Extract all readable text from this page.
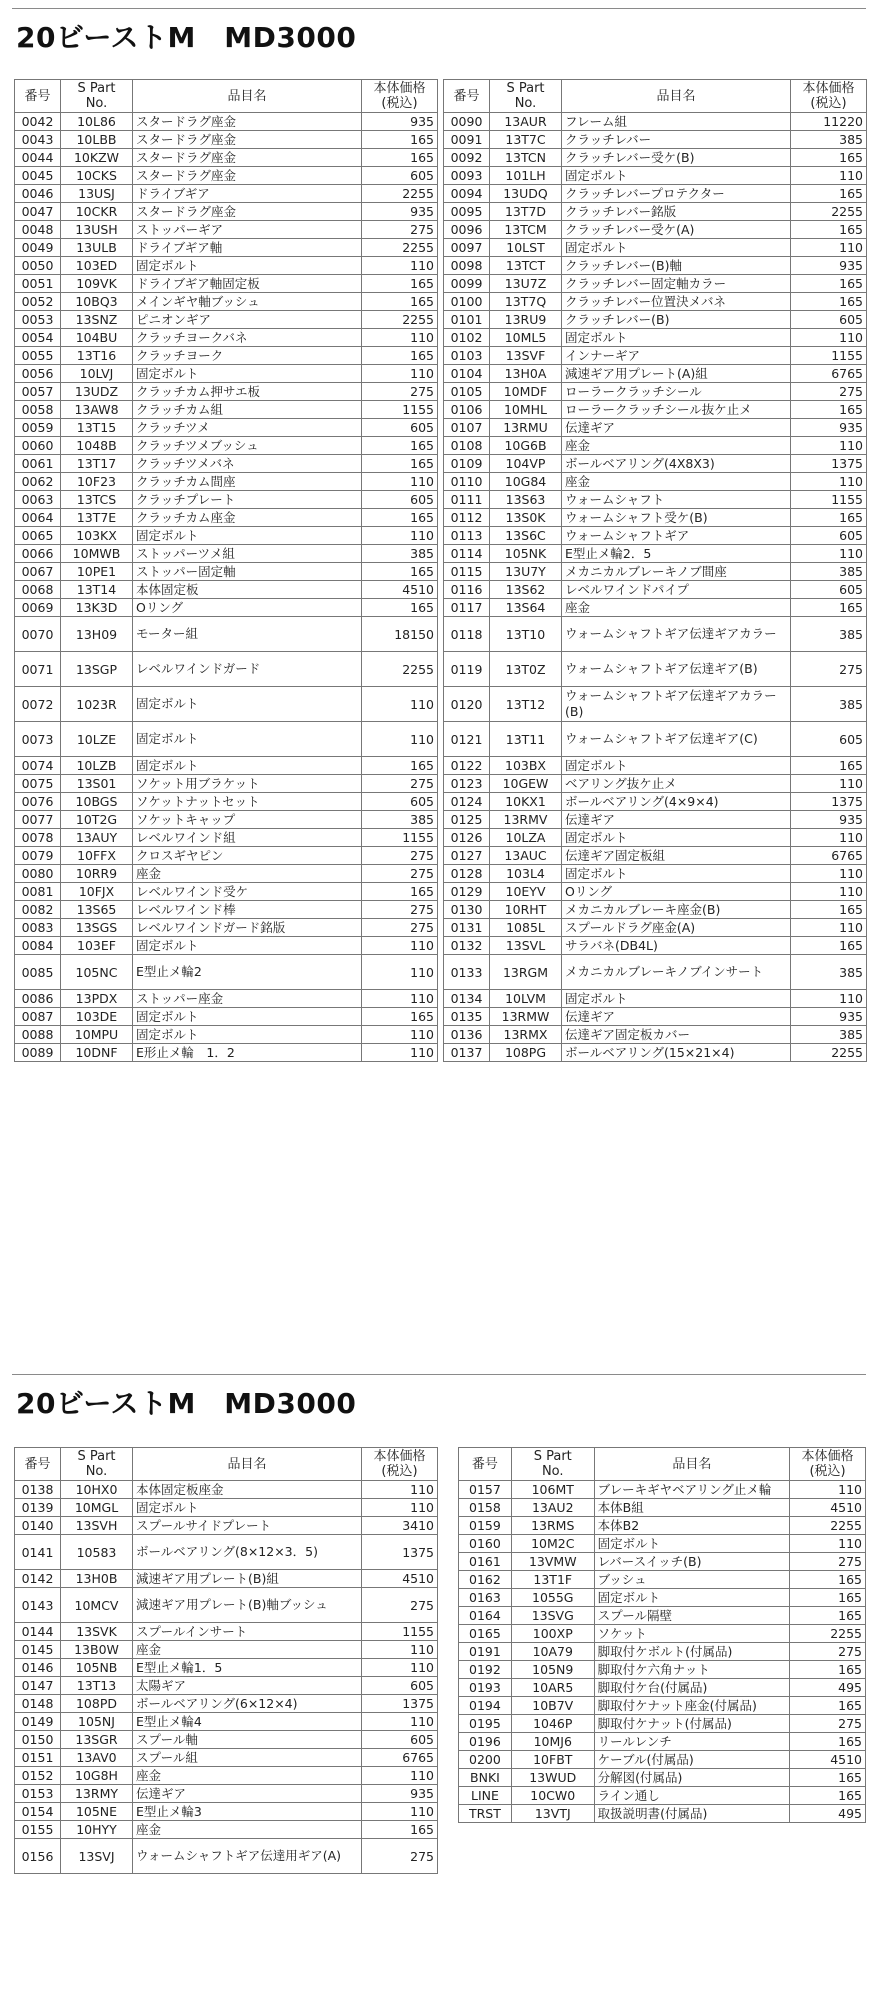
20ビーストM　MD3000
番号	S Part
No.	品目名	本体価格
(税込)

0042	10L86	スタードラグ座金	935
0043	10LBB	スタードラグ座金	165
0044	10KZW	スタードラグ座金	165
0045	10CKS	スタードラグ座金	605
0046	13USJ	ドライブギア	2255
0047	10CKR	スタードラグ座金	935
0048	13USH	ストッパーギア	275
0049	13ULB	ドライブギア軸	2255
0050	103ED	固定ボルト	110
0051	109VK	ドライブギア軸固定板	165
0052	10BQ3	メインギヤ軸ブッシュ	165
0053	13SNZ	ピニオンギア	2255
0054	104BU	クラッチヨークバネ	110
0055	13T16	クラッチヨーク	165
0056	10LVJ	固定ボルト	110
0057	13UDZ	クラッチカム押サエ板	275
0058	13AW8	クラッチカム組	1155
0059	13T15	クラッチツメ	605
0060	1048B	クラッチツメブッシュ	165
0061	13T17	クラッチツメバネ	165
0062	10F23	クラッチカム間座	110
0063	13TCS	クラッチプレート	605
0064	13T7E	クラッチカム座金	165
0065	103KX	固定ボルト	110
0066	10MWB	ストッパーツメ組	385
0067	10PE1	ストッパー固定軸	165
0068	13T14	本体固定板	4510
0069	13K3D	Oリング	165
0070	13H09	モーター組	18150
0071	13SGP	レベルワインドガード	2255
0072	1023R	固定ボルト	110
0073	10LZE	固定ボルト	110
0074	10LZB	固定ボルト	165
0075	13S01	ソケット用ブラケット	275
0076	10BGS	ソケットナットセット	605
0077	10T2G	ソケットキャップ	385
0078	13AUY	レベルワインド組	1155
0079	10FFX	クロスギヤピン	275
0080	10RR9	座金	275
0081	10FJX	レベルワインド受ケ	165
0082	13S65	レベルワインド棒	275
0083	13SGS	レベルワインドガード銘版	275
0084	103EF	固定ボルト	110
0085	105NC	E型止メ輪2	110
0086	13PDX	ストッパー座金	110
0087	103DE	固定ボルト	165
0088	10MPU	固定ボルト	110
0089	10DNF	E形止メ輪　1．2	110
番号	S Part
No.	品目名	本体価格
(税込)

0090	13AUR	フレーム組	11220
0091	13T7C	クラッチレバー	385
0092	13TCN	クラッチレバー受ケ(B)	165
0093	101LH	固定ボルト	110
0094	13UDQ	クラッチレバープロテクター	165
0095	13T7D	クラッチレバー銘版	2255
0096	13TCM	クラッチレバー受ケ(A)	165
0097	10LST	固定ボルト	110
0098	13TCT	クラッチレバー(B)軸	935
0099	13U7Z	クラッチレバー固定軸カラー	165
0100	13T7Q	クラッチレバー位置決メバネ	165
0101	13RU9	クラッチレバー(B)	605
0102	10ML5	固定ボルト	110
0103	13SVF	インナーギア	1155
0104	13H0A	減速ギア用プレート(A)組	6765
0105	10MDF	ローラークラッチシール	275
0106	10MHL	ローラークラッチシール抜ケ止メ	165
0107	13RMU	伝達ギア	935
0108	10G6B	座金	110
0109	104VP	ボールベアリング(4X8X3)	1375
0110	10G84	座金	110
0111	13S63	ウォームシャフト	1155
0112	13S0K	ウォームシャフト受ケ(B)	165
0113	13S6C	ウォームシャフトギア	605
0114	105NK	E型止メ輪2．5	110
0115	13U7Y	メカニカルブレーキノブ間座	385
0116	13S62	レベルワインドパイプ	605
0117	13S64	座金	165
0118	13T10	ウォームシャフトギア伝達ギアカラー	385
0119	13T0Z	ウォームシャフトギア伝達ギア(B)	275
0120	13T12	ウォームシャフトギア伝達ギアカラー(B)	385
0121	13T11	ウォームシャフトギア伝達ギア(C)	605
0122	103BX	固定ボルト	165
0123	10GEW	ベアリング抜ケ止メ	110
0124	10KX1	ボールベアリング(4×9×4)	1375
0125	13RMV	伝達ギア	935
0126	10LZA	固定ボルト	110
0127	13AUC	伝達ギア固定板組	6765
0128	103L4	固定ボルト	110
0129	10EYV	Oリング	110
0130	10RHT	メカニカルブレーキ座金(B)	165
0131	1085L	スプールドラグ座金(A)	110
0132	13SVL	サラバネ(DB4L)	165
0133	13RGM	メカニカルブレーキノブインサート	385
0134	10LVM	固定ボルト	110
0135	13RMW	伝達ギア	935
0136	13RMX	伝達ギア固定板カバー	385
0137	108PG	ボールベアリング(15×21×4)	2255
20ビーストM　MD3000
番号	S Part
No.	品目名	本体価格
(税込)

0138	10HX0	本体固定板座金	110
0139	10MGL	固定ボルト	110
0140	13SVH	スプールサイドプレート	3410
0141	10583	ボールベアリング(8×12×3．5)	1375
0142	13H0B	減速ギア用プレート(B)組	4510
0143	10MCV	減速ギア用プレート(B)軸ブッシュ	275
0144	13SVK	スプールインサート	1155
0145	13B0W	座金	110
0146	105NB	E型止メ輪1．5	110
0147	13T13	太陽ギア	605
0148	108PD	ボールベアリング(6×12×4)	1375
0149	105NJ	E型止メ輪4	110
0150	13SGR	スプール軸	605
0151	13AV0	スプール組	6765
0152	10G8H	座金	110
0153	13RMY	伝達ギア	935
0154	105NE	E型止メ輪3	110
0155	10HYY	座金	165
0156	13SVJ	ウォームシャフトギア伝達用ギア(A)	275
番号	S Part
No.	品目名	本体価格
(税込)

0157	106MT	ブレーキギヤベアリング止メ輪	110
0158	13AU2	本体B組	4510
0159	13RMS	本体B2	2255
0160	10M2C	固定ボルト	110
0161	13VMW	レバースイッチ(B)	275
0162	13T1F	ブッシュ	165
0163	1055G	固定ボルト	165
0164	13SVG	スプール隔壁	165
0165	100XP	ソケット	2255
0191	10A79	脚取付ケボルト(付属品)	275
0192	105N9	脚取付ケ六角ナット	165
0193	10AR5	脚取付ケ台(付属品)	495
0194	10B7V	脚取付ケナット座金(付属品)	165
0195	1046P	脚取付ケナット(付属品)	275
0196	10MJ6	リールレンチ	165
0200	10FBT	ケーブル(付属品)	4510
BNKI	13WUD	分解図(付属品)	165
LINE	10CW0	ライン通し	165
TRST	13VTJ	取扱説明書(付属品)	495
